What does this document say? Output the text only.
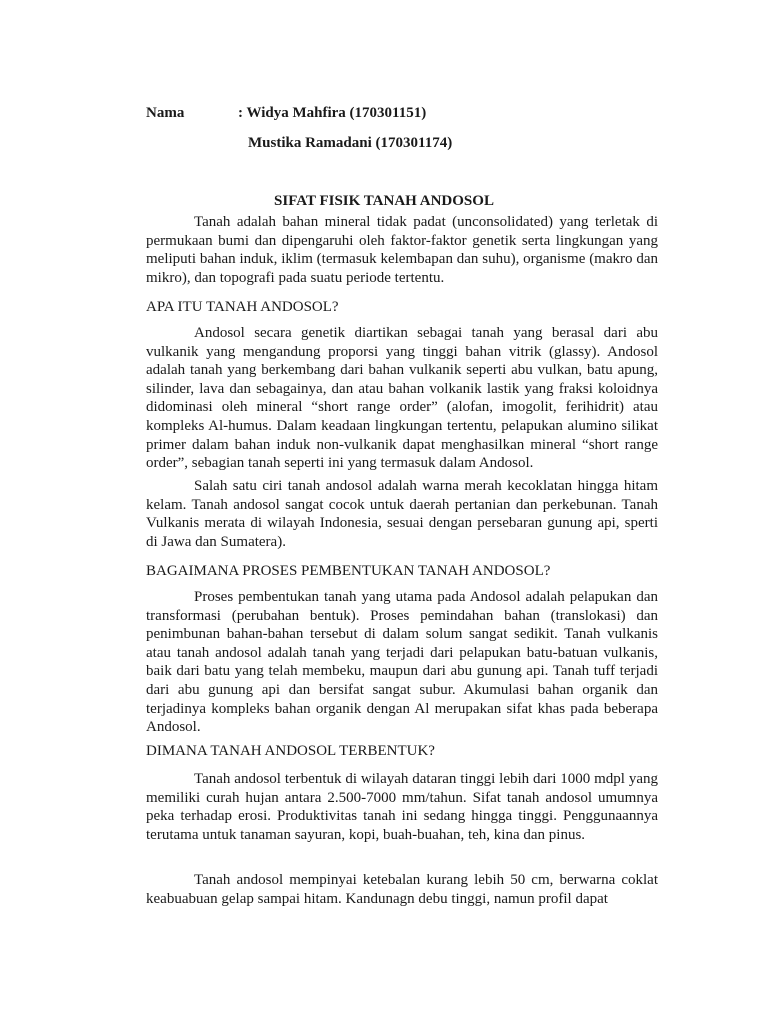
Nama	: Widya Mahfira (170301151)
Mustika Ramadani (170301174)
SIFAT FISIK TANAH ANDOSOL

Tanah adalah bahan mineral tidak padat (unconsolidated) yang terletak di permukaan bumi dan dipengaruhi oleh faktor-faktor genetik serta lingkungan yang meliputi bahan induk, iklim (termasuk kelembapan dan suhu), organisme (makro dan mikro), dan topografi pada suatu periode tertentu.

APA ITU TANAH ANDOSOL?

Andosol secara genetik diartikan sebagai tanah yang berasal dari abu vulkanik yang mengandung proporsi yang tinggi bahan vitrik (glassy). Andosol adalah tanah yang berkembang dari bahan vulkanik seperti abu vulkan, batu apung, silinder, lava dan sebagainya, dan atau bahan volkanik lastik yang fraksi koloidnya didominasi oleh mineral “short range order” (alofan, imogolit, ferihidrit) atau kompleks Al-humus. Dalam keadaan lingkungan tertentu, pelapukan alumino silikat primer dalam bahan induk non-vulkanik dapat menghasilkan mineral “short range order”, sebagian tanah seperti ini yang termasuk dalam Andosol.

Salah satu ciri tanah andosol adalah warna merah kecoklatan hingga hitam kelam. Tanah andosol sangat cocok untuk daerah pertanian dan perkebunan. Tanah Vulkanis merata di wilayah Indonesia, sesuai dengan persebaran gunung api, sperti di Jawa dan Sumatera).

BAGAIMANA PROSES PEMBENTUKAN TANAH ANDOSOL?

Proses pembentukan tanah yang utama pada Andosol adalah pelapukan dan transformasi (perubahan bentuk). Proses pemindahan bahan (translokasi) dan penimbunan bahan-bahan tersebut di dalam solum sangat sedikit. Tanah vulkanis atau tanah andosol adalah tanah yang terjadi dari pelapukan batu-batuan vulkanis, baik dari batu yang telah membeku, maupun dari abu gunung api. Tanah tuff terjadi dari abu gunung api dan bersifat sangat subur. Akumulasi bahan organik dan terjadinya kompleks bahan organik dengan Al merupakan sifat khas pada beberapa Andosol.

DIMANA TANAH ANDOSOL TERBENTUK?

Tanah andosol terbentuk di wilayah dataran tinggi lebih dari 1000 mdpl yang memiliki curah hujan antara 2.500-7000 mm/tahun. Sifat tanah andosol umumnya peka terhadap erosi. Produktivitas tanah ini sedang hingga tinggi. Penggunaannya terutama untuk tanaman sayuran, kopi, buah-buahan, teh, kina dan pinus.

Tanah andosol mempinyai ketebalan kurang lebih 50 cm, berwarna coklat keabuabuan gelap sampai hitam. Kandunagn debu tinggi, namun profil dapat
